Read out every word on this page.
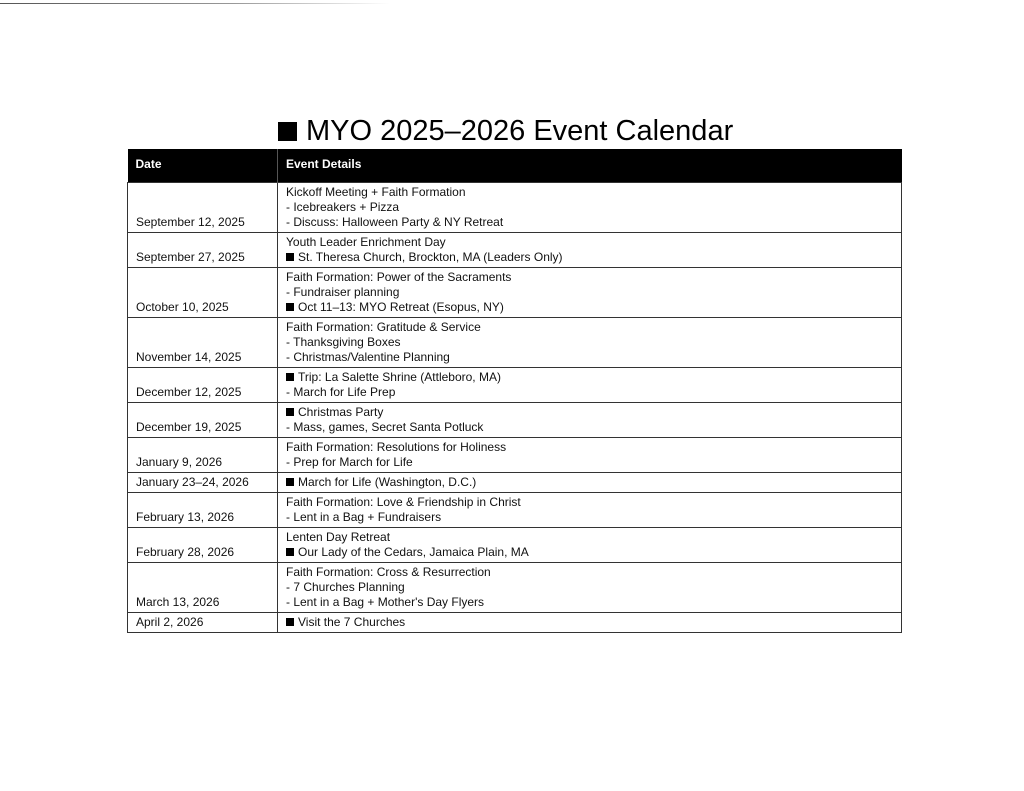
MYO 2025–2026 Event Calendar
Date	Event Details
September 12, 2025	Kickoff Meeting + Faith Formation
- Icebreakers + Pizza
- Discuss: Halloween Party & NY Retreat

September 27, 2025	Youth Leader Enrichment Day
St. Theresa Church, Brockton, MA (Leaders Only)

October 10, 2025	Faith Formation: Power of the Sacraments
- Fundraiser planning
Oct 11–13: MYO Retreat (Esopus, NY)

November 14, 2025	Faith Formation: Gratitude & Service
- Thanksgiving Boxes
- Christmas/Valentine Planning

December 12, 2025	Trip: La Salette Shrine (Attleboro, MA)
- March for Life Prep

December 19, 2025	Christmas Party
- Mass, games, Secret Santa Potluck

January 9, 2026	Faith Formation: Resolutions for Holiness
- Prep for March for Life

January 23–24, 2026	March for Life (Washington, D.C.)

February 13, 2026	Faith Formation: Love & Friendship in Christ
- Lent in a Bag + Fundraisers

February 28, 2026	Lenten Day Retreat
Our Lady of the Cedars, Jamaica Plain, MA

March 13, 2026	Faith Formation: Cross & Resurrection
- 7 Churches Planning
- Lent in a Bag + Mother's Day Flyers

April 2, 2026	Visit the 7 Churches
